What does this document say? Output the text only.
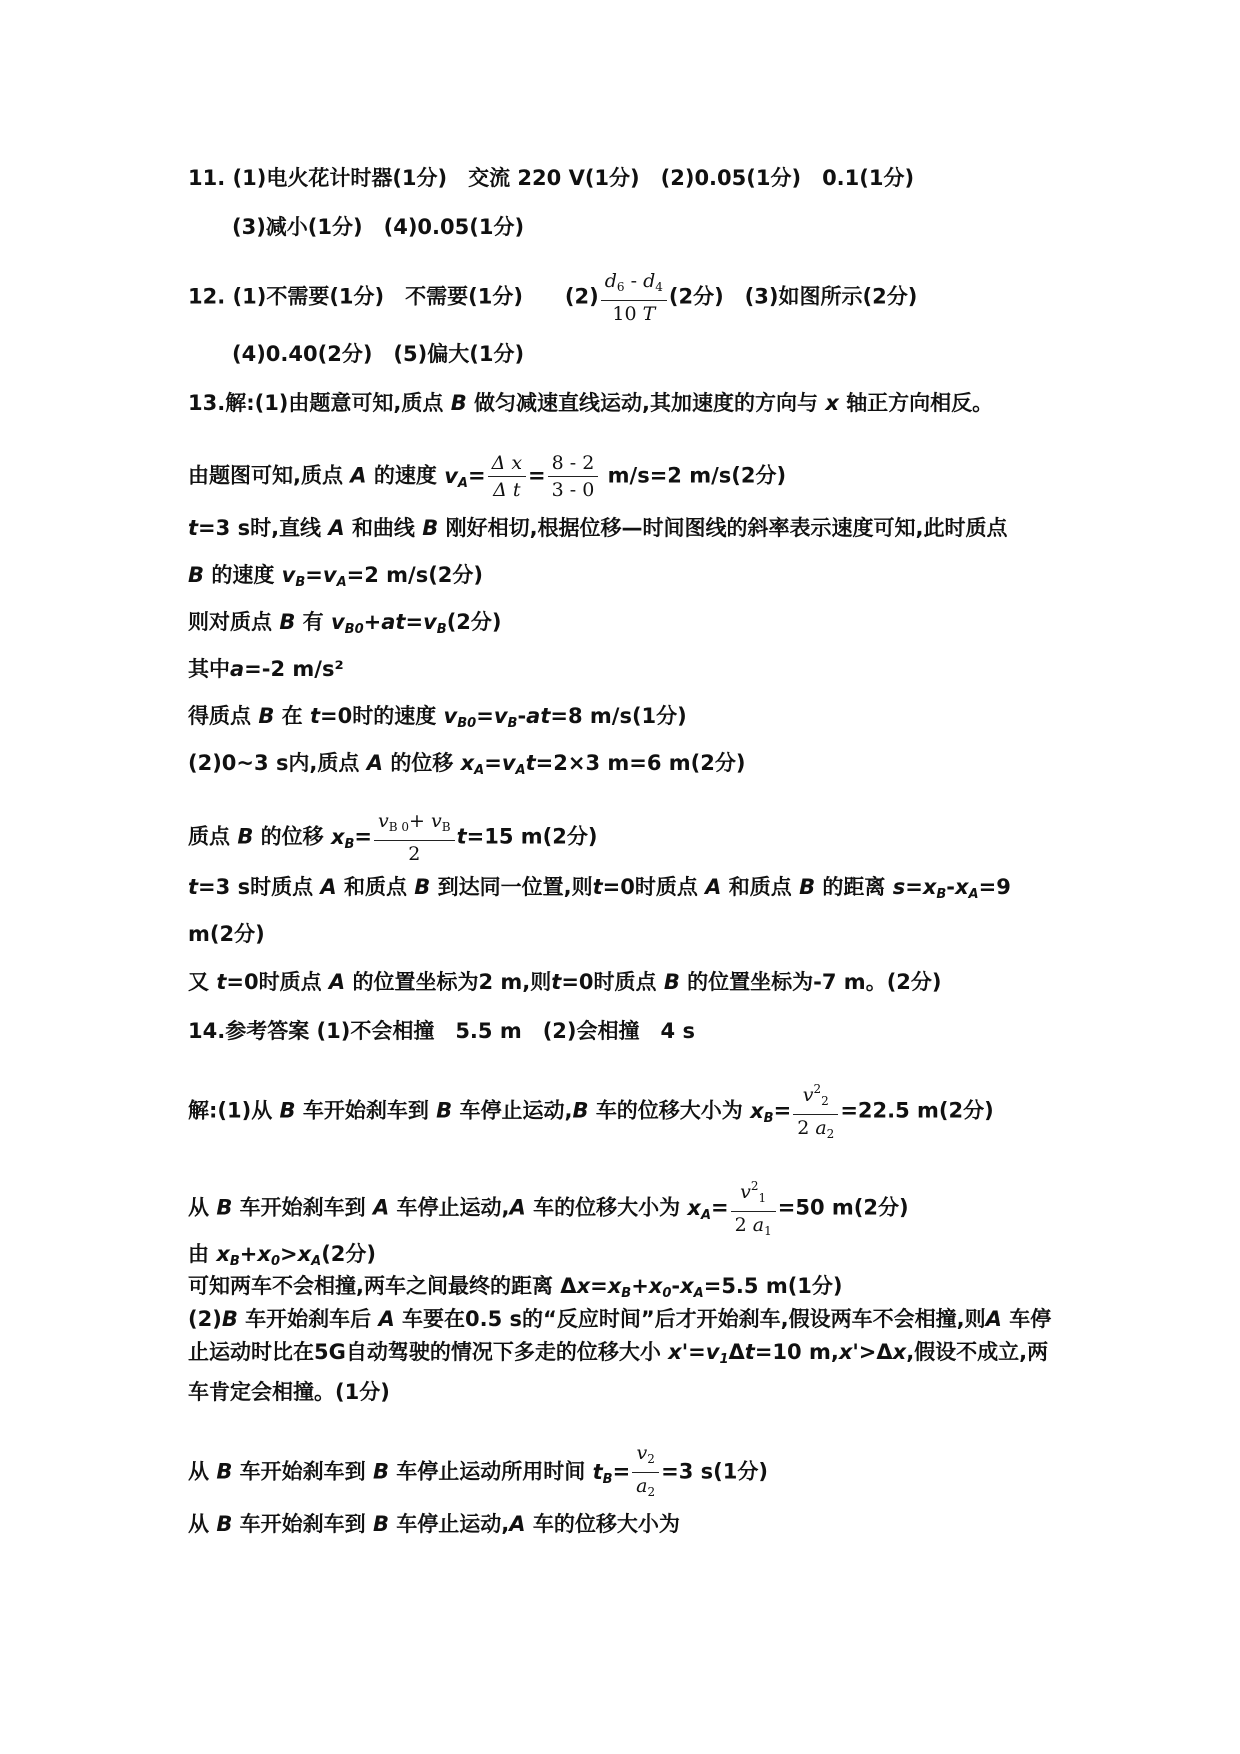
11. (1)电火花计时器(1分)　交流 220 V(1分)　(2)0.05(1分)　0.1(1分)
(3)减小(1分)　(4)0.05(1分)
12. (1)不需要(1分)　不需要(1分)　　$(2) \frac{d_6 - d_4}{10 T} (2$分)　(3)如图所示(2分)
(4)0.40(2分)　(5)偏大(1分)
13.解:(1)由题意可知,质点 B 做匀减速直线运动,其加速度的方向与 x 轴正方向相反。
由题图可知,质点 A 的速度 $v_A= \frac{\text{Δ x}}{\text{Δ t}} = \frac{8 - 2}{3 - 0} m/s=2$ m/s(2分)
t=3 s时,直线 A 和曲线 B 刚好相切,根据位移—时间图线的斜率表示速度可知,此时质点
B 的速度 $v_B=v_A=2$ m/s(2分)
则对质点 B 有 $v_{B0}+at=v_B(2$分)
其中a=-2 m/s²
得质点 B 在 t=0时的速度 $v_{B0}=v_B-at=8$ m/s(1分)
(2)0~3 s内,质点 A 的位移 $x_A=v_At=2\times 3$ m=6 m(2分)
质点 B 的位移 $x_B= \frac{v_{B 0}+ v_B}{2} t=15$ m(2分)
t=3 s时质点 A 和质点 B 到达同一位置,则t=0时质点 A 和质点 B 的距离 $s=x_B-x_A=9$
m(2分)
又 t=0时质点 A 的位置坐标为2 m,则t=0时质点 B 的位置坐标为-7 m。(2分)
14.参考答案 (1)不会相撞　5.5 m　(2)会相撞　4 s
解:(1)从 B 车开始刹车到 B 车停止运动,B 车的位移大小为 $x_B= \frac{v^2_2}{2 a_2} =22.5$ m(2分)
从 B 车开始刹车到 A 车停止运动,A 车的位移大小为 $x_A= \frac{v^2_1}{2 a_1} =50$ m(2分)
由 $x_B+x_0>x_A(2$分)
可知两车不会相撞,两车之间最终的距离 $\Delta x=x_B+x_0-x_A=5.5$ m(1分)
(2)B 车开始刹车后 A 车要在0.5 s的“反应时间”后才开始刹车,假设两车不会相撞,则A 车停止运动时比在5G自动驾驶的情况下多走的位移大小 $x'=v_1\Delta t=10$ m,x'>Δx,假设不成立,两车肯定会相撞。(1分)
从 B 车开始刹车到 B 车停止运动所用时间 $t_B= \frac{v_2}{a_2} =3$ s(1分)
从 B 车开始刹车到 B 车停止运动,A 车的位移大小为
